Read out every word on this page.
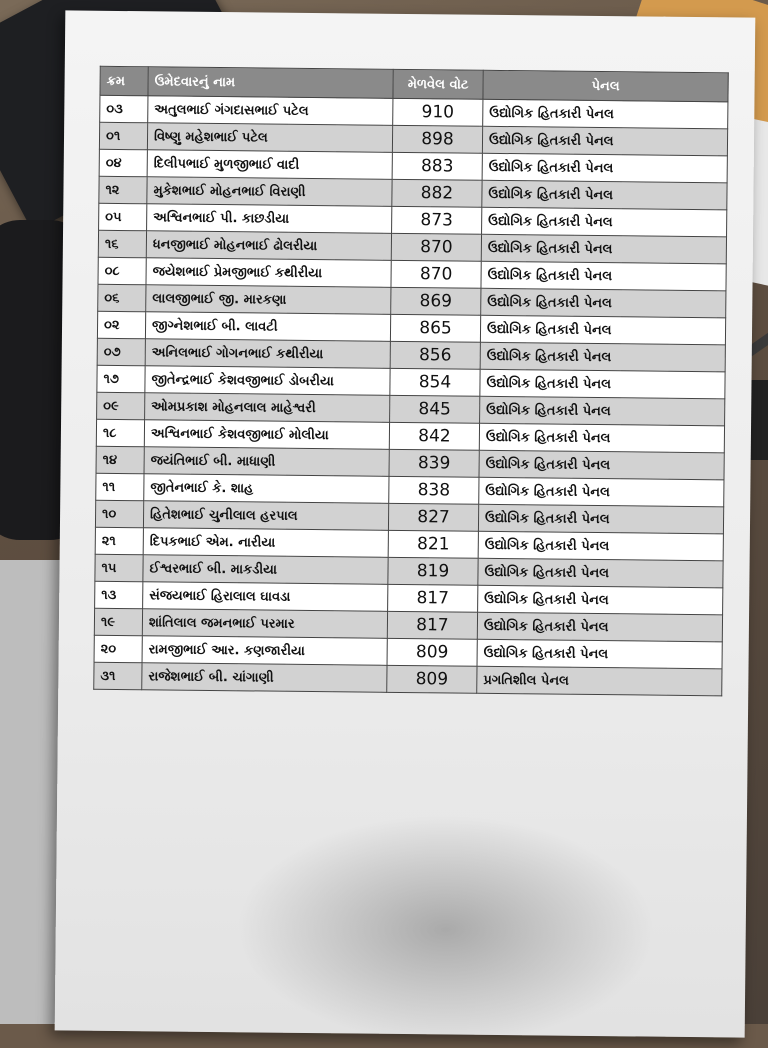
ક્રમ	ઉમેદવારનું નામ	મેળવેલ વોટ	પેનલ
૦૩	અતુલભાઈ ગંગદાસભાઈ પટેલ	910	ઉદ્યોગિક હિતકારી પેનલ
૦૧	વિષ્ણુ મહેશભાઈ પટેલ	898	ઉદ્યોગિક હિતકારી પેનલ
૦૪	દિલીપભાઈ મુળજીભાઈ વાદી	883	ઉદ્યોગિક હિતકારી પેનલ
૧૨	મુકેશભાઈ મોહનભાઈ વિરાણી	882	ઉદ્યોગિક હિતકારી પેનલ
૦૫	અશ્વિનભાઈ પી. કાછડીયા	873	ઉદ્યોગિક હિતકારી પેનલ
૧૬	ધનજીભાઈ મોહનભાઈ ઢોલરીયા	870	ઉદ્યોગિક હિતકારી પેનલ
૦૮	જયેશભાઈ પ્રેમજીભાઈ કથીરીયા	870	ઉદ્યોગિક હિતકારી પેનલ
૦૬	લાલજીભાઈ જી. મારકણા	869	ઉદ્યોગિક હિતકારી પેનલ
૦૨	જીગ્નેશભાઈ બી. લાવટી	865	ઉદ્યોગિક હિતકારી પેનલ
૦૭	અનિલભાઈ ગોગનભાઈ કથીરીયા	856	ઉદ્યોગિક હિતકારી પેનલ
૧૭	જીતેન્દ્રભાઈ કેશવજીભાઈ ડોબરીયા	854	ઉદ્યોગિક હિતકારી પેનલ
૦૯	ઓમપ્રકાશ મોહનલાલ માહેશ્વરી	845	ઉદ્યોગિક હિતકારી પેનલ
૧૮	અશ્વિનભાઈ કેશવજીભાઈ મોલીયા	842	ઉદ્યોગિક હિતકારી પેનલ
૧૪	જયંતિભાઈ બી. માધાણી	839	ઉદ્યોગિક હિતકારી પેનલ
૧૧	જીતેનભાઈ કે. શાહ	838	ઉદ્યોગિક હિતકારી પેનલ
૧૦	હિતેશભાઈ ચુનીલાલ હરપાલ	827	ઉદ્યોગિક હિતકારી પેનલ
૨૧	દિપકભાઈ એમ. નારીયા	821	ઉદ્યોગિક હિતકારી પેનલ
૧૫	ઈશ્વરભાઈ બી. માકડીયા	819	ઉદ્યોગિક હિતકારી પેનલ
૧૩	સંજયભાઈ હિરાલાલ ઘાવડા	817	ઉદ્યોગિક હિતકારી પેનલ
૧૯	શાંતિલાલ જમનભાઈ પરમાર	817	ઉદ્યોગિક હિતકારી પેનલ
૨૦	રામજીભાઈ આર. કણજારીયા	809	ઉદ્યોગિક હિતકારી પેનલ
૩૧	રાજેશભાઈ બી. ચાંગાણી	809	પ્રગતિશીલ પેનલ
